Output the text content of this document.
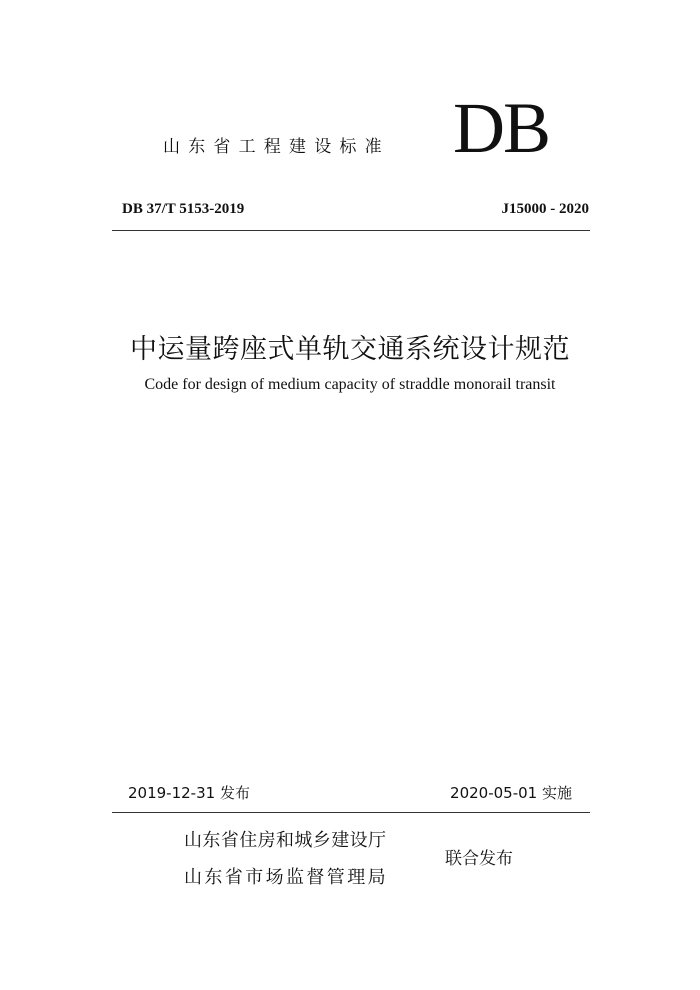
山东省工程建设标准 DB
DB 37/T 5153-2019	J15000 - 2020
中运量跨座式单轨交通系统设计规范
Code for design of medium capacity of straddle monorail transit
2019-12-31 发布	2020-05-01 实施
山东省住房和城乡建设厅
山东省市场监督管理局
联合发布
